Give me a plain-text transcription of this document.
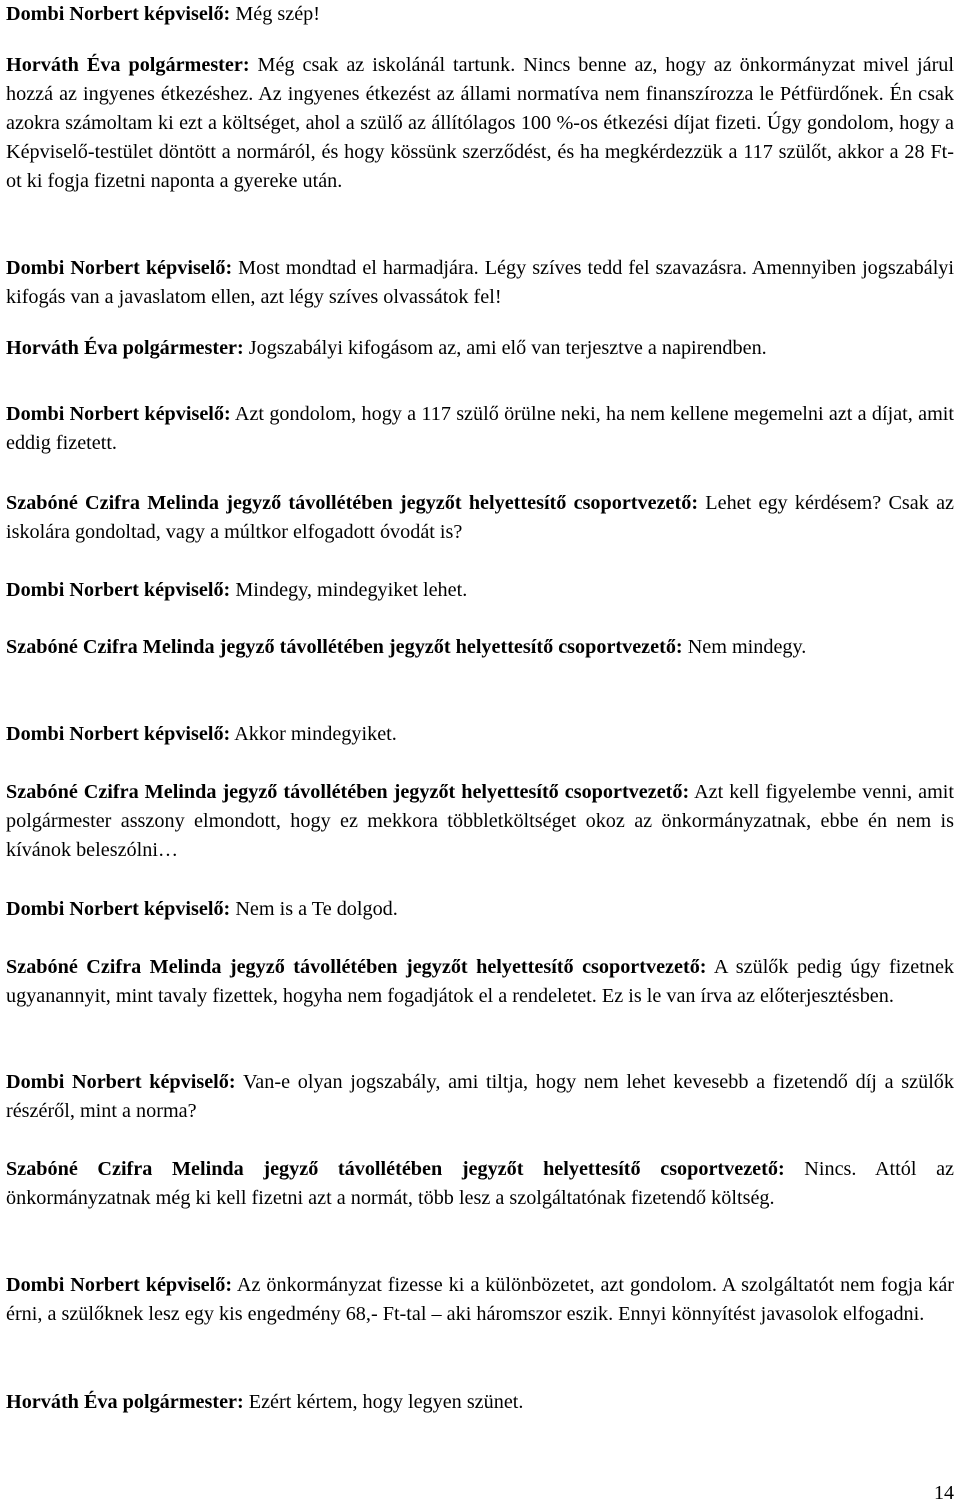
Dombi Norbert képviselő: Még szép!

Horváth Éva polgármester: Még csak az iskolánál tartunk. Nincs benne az, hogy az önkormányzat mivel járul hozzá az ingyenes étkezéshez. Az ingyenes étkezést az állami normatíva nem finanszírozza le Pétfürdőnek. Én csak azokra számoltam ki ezt a költséget, ahol a szülő az állítólagos 100 %-os étkezési díjat fizeti. Úgy gondolom, hogy a Képviselő-testület döntött a normáról, és hogy kössünk szerződést, és ha megkérdezzük a 117 szülőt, akkor a 28 Ft-ot ki fogja fizetni naponta a gyereke után.

Dombi Norbert képviselő: Most mondtad el harmadjára. Légy szíves tedd fel szavazásra. Amennyiben jogszabályi kifogás van a javaslatom ellen, azt légy szíves olvassátok fel!

Horváth Éva polgármester: Jogszabályi kifogásom az, ami elő van terjesztve a napirendben.

Dombi Norbert képviselő: Azt gondolom, hogy a 117 szülő örülne neki, ha nem kellene megemelni azt a díjat, amit eddig fizetett.

Szabóné Czifra Melinda jegyző távollétében jegyzőt helyettesítő csoportvezető: Lehet egy kérdésem? Csak az iskolára gondoltad, vagy a múltkor elfogadott óvodát is?

Dombi Norbert képviselő: Mindegy, mindegyiket lehet.

Szabóné Czifra Melinda jegyző távollétében jegyzőt helyettesítő csoportvezető: Nem mindegy.

Dombi Norbert képviselő: Akkor mindegyiket.

Szabóné Czifra Melinda jegyző távollétében jegyzőt helyettesítő csoportvezető: Azt kell figyelembe venni, amit polgármester asszony elmondott, hogy ez mekkora többletköltséget okoz az önkormányzatnak, ebbe én nem is kívánok beleszólni…

Dombi Norbert képviselő: Nem is a Te dolgod.

Szabóné Czifra Melinda jegyző távollétében jegyzőt helyettesítő csoportvezető: A szülők pedig úgy fizetnek ugyanannyit, mint tavaly fizettek, hogyha nem fogadjátok el a rendeletet. Ez is le van írva az előterjesztésben.

Dombi Norbert képviselő: Van-e olyan jogszabály, ami tiltja, hogy nem lehet kevesebb a fizetendő díj a szülők részéről, mint a norma?

Szabóné Czifra Melinda jegyző távollétében jegyzőt helyettesítő csoportvezető: Nincs. Attól az önkormányzatnak még ki kell fizetni azt a normát, több lesz a szolgáltatónak fizetendő költség.

Dombi Norbert képviselő: Az önkormányzat fizesse ki a különbözetet, azt gondolom. A szolgáltatót nem fogja kár érni, a szülőknek lesz egy kis engedmény 68,- Ft-tal – aki háromszor eszik. Ennyi könnyítést javasolok elfogadni.

Horváth Éva polgármester: Ezért kértem, hogy legyen szünet.

14
